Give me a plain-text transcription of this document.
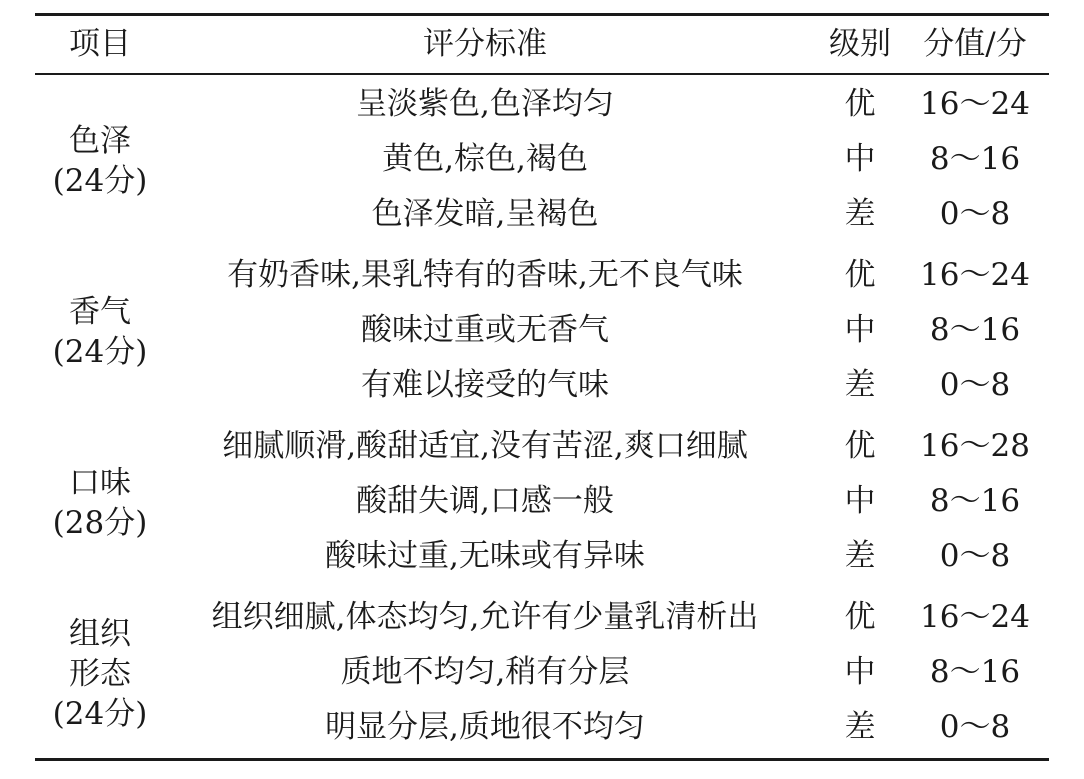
项目	评分标准	级别	分值/分
色泽
(24分)
呈淡紫色,色泽均匀	优	16～24
黄色,棕色,褐色	中	8～16
色泽发暗,呈褐色	差	0～8
香气
(24分)
有奶香味,果乳特有的香味,无不良气味	优	16～24
酸味过重或无香气	中	8～16
有难以接受的气味	差	0～8
口味
(28分)
细腻顺滑,酸甜适宜,没有苦涩,爽口细腻	优	16～28
酸甜失调,口感一般	中	8～16
酸味过重,无味或有异味	差	0～8
组织
形态
(24分)
组织细腻,体态均匀,允许有少量乳清析出	优	16～24
质地不均匀,稍有分层	中	8～16
明显分层,质地很不均匀	差	0～8
